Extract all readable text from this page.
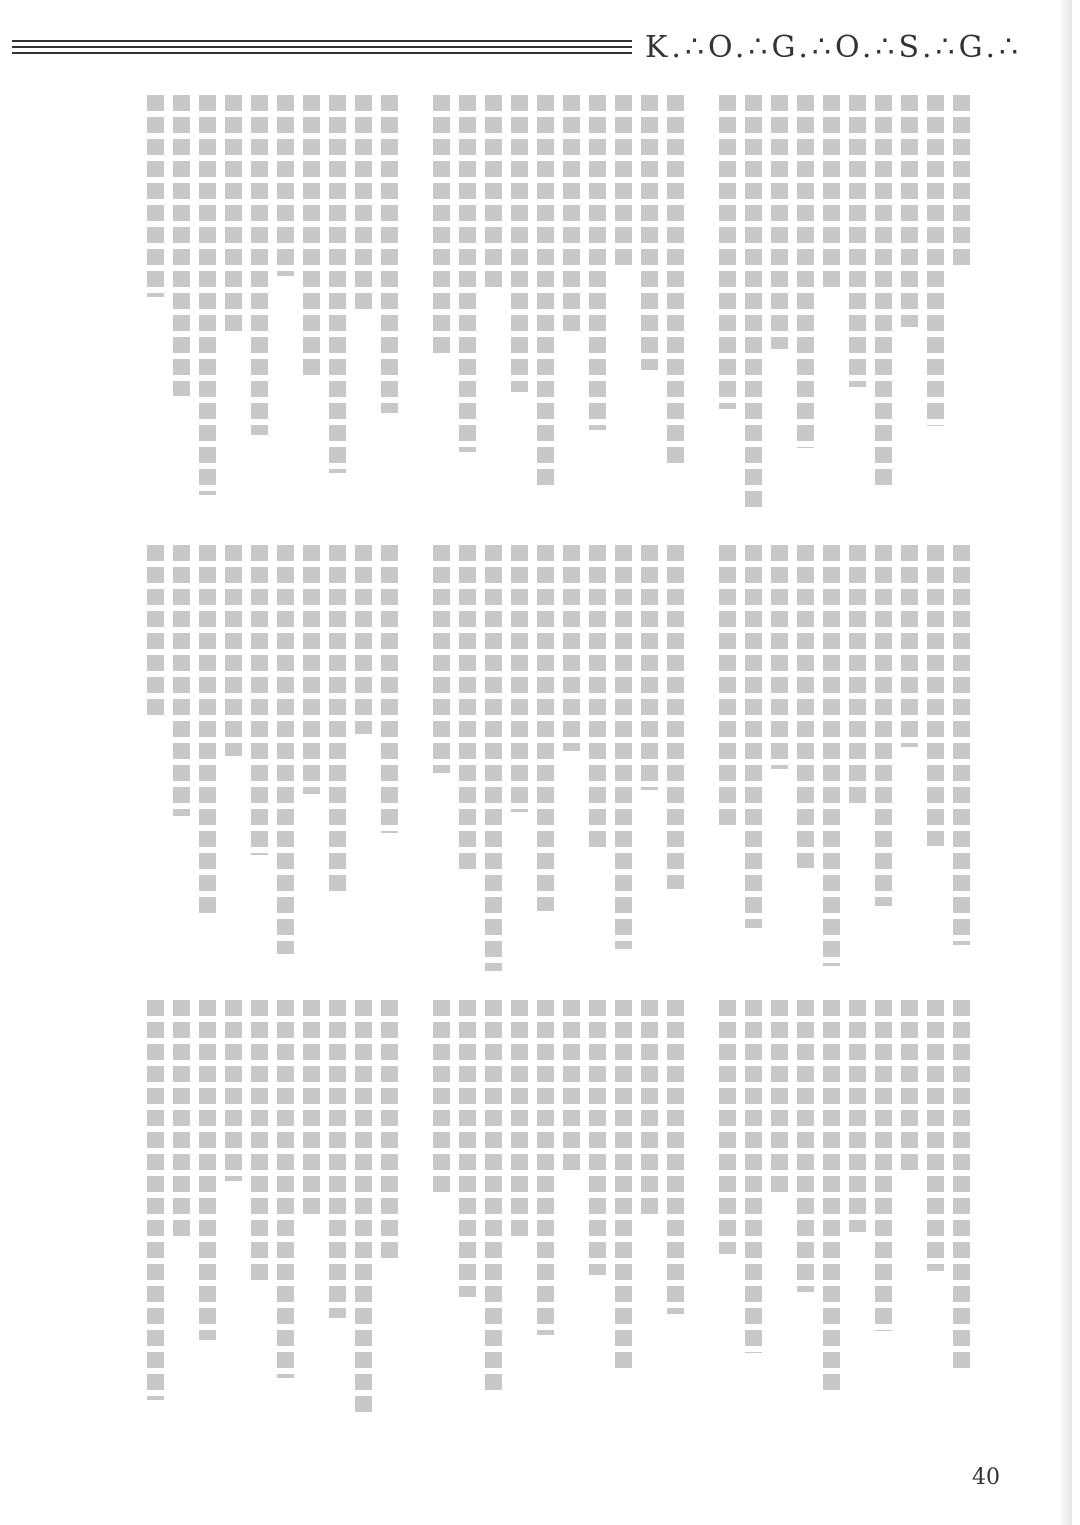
K.∴O.∴G.∴O.∴S.∴G.∴
40
